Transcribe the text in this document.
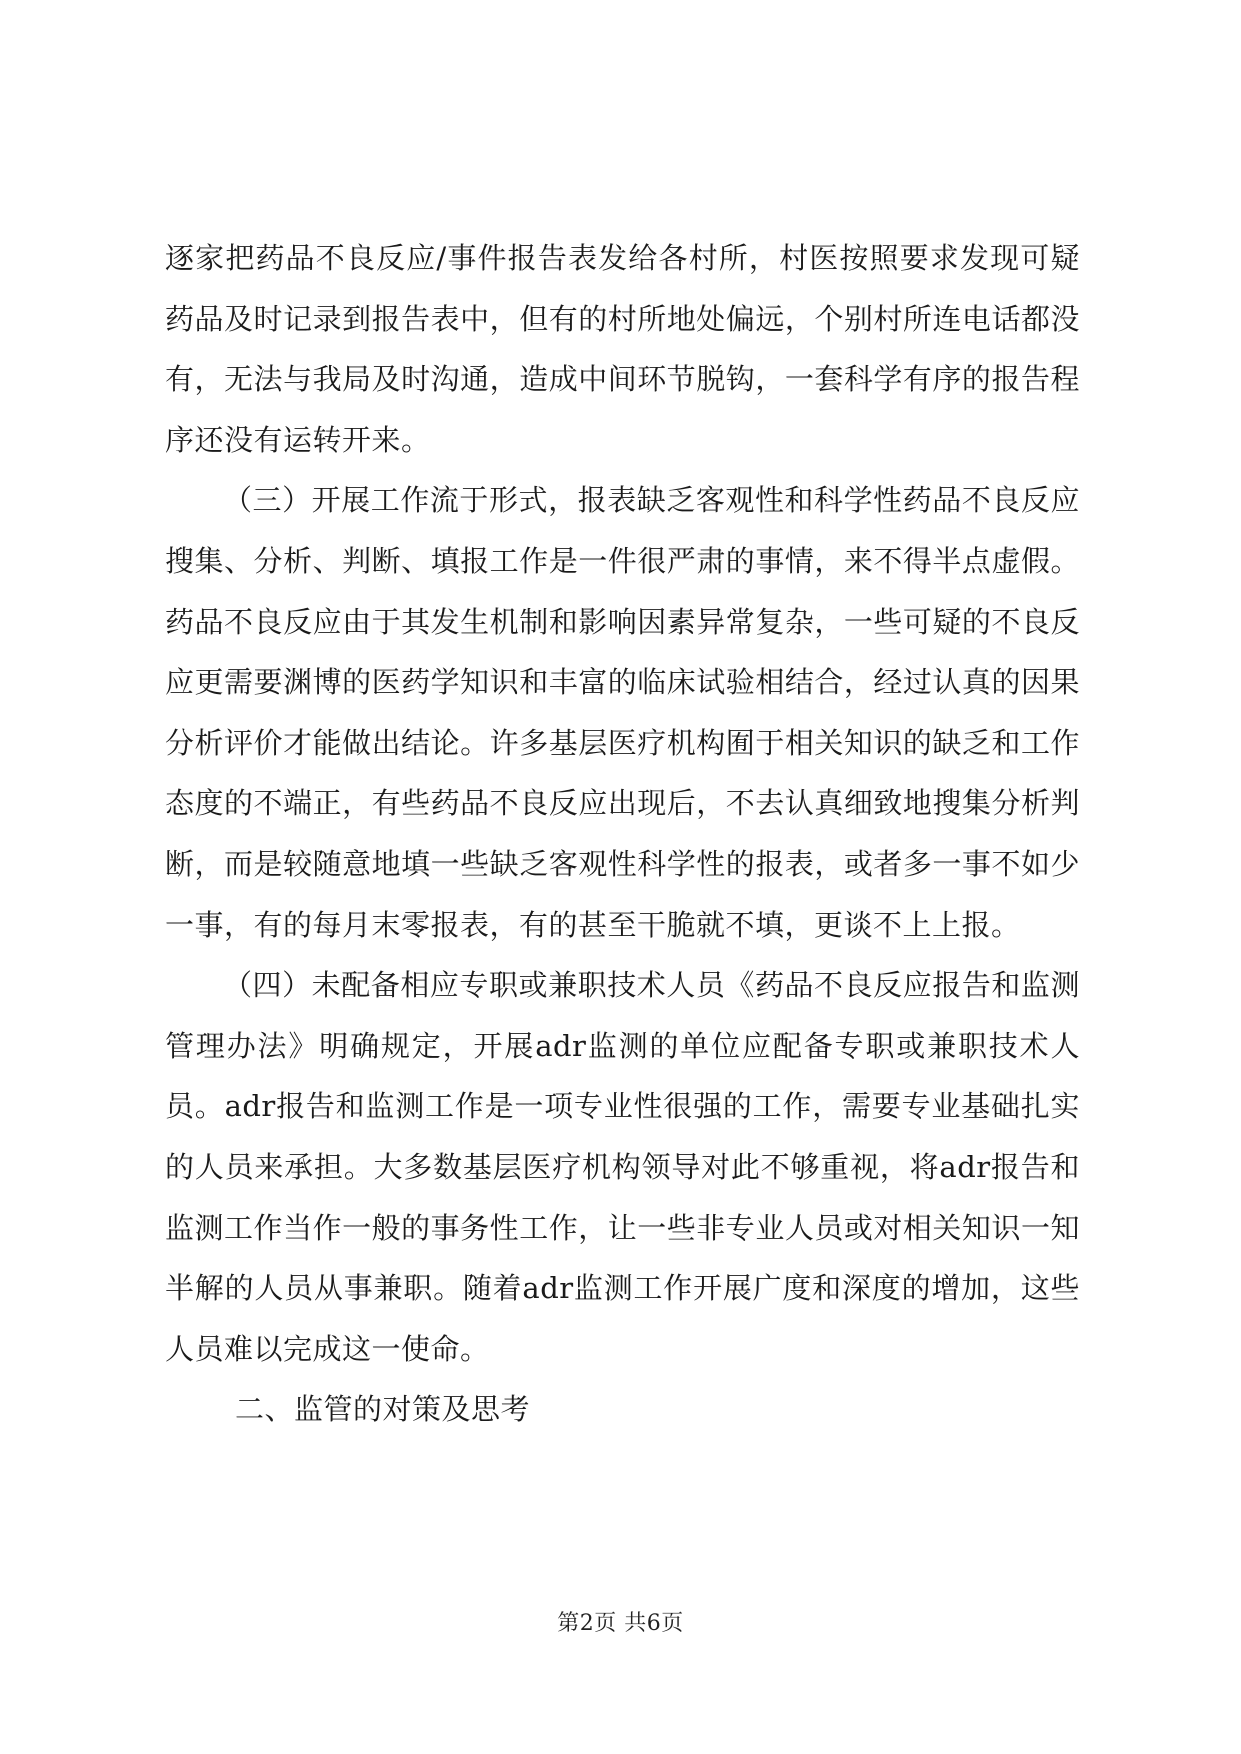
逐家把药品不良反应/事件报告表发给各村所，村医按照要求发现可疑药品及时记录到报告表中，但有的村所地处偏远，个别村所连电话都没有，无法与我局及时沟通，造成中间环节脱钩，一套科学有序的报告程序还没有运转开来。

（三）开展工作流于形式，报表缺乏客观性和科学性药品不良反应搜集、分析、判断、填报工作是一件很严肃的事情，来不得半点虚假。药品不良反应由于其发生机制和影响因素异常复杂，一些可疑的不良反应更需要渊博的医药学知识和丰富的临床试验相结合，经过认真的因果分析评价才能做出结论。许多基层医疗机构囿于相关知识的缺乏和工作态度的不端正，有些药品不良反应出现后，不去认真细致地搜集分析判断，而是较随意地填一些缺乏客观性科学性的报表，或者多一事不如少一事，有的每月末零报表，有的甚至干脆就不填，更谈不上上报。

（四）未配备相应专职或兼职技术人员《药品不良反应报告和监测管理办法》明确规定，开展adr监测的单位应配备专职或兼职技术人员。adr报告和监测工作是一项专业性很强的工作，需要专业基础扎实的人员来承担。大多数基层医疗机构领导对此不够重视，将adr报告和监测工作当作一般的事务性工作，让一些非专业人员或对相关知识一知半解的人员从事兼职。随着adr监测工作开展广度和深度的增加，这些人员难以完成这一使命。

二、监管的对策及思考

第2页 共6页
